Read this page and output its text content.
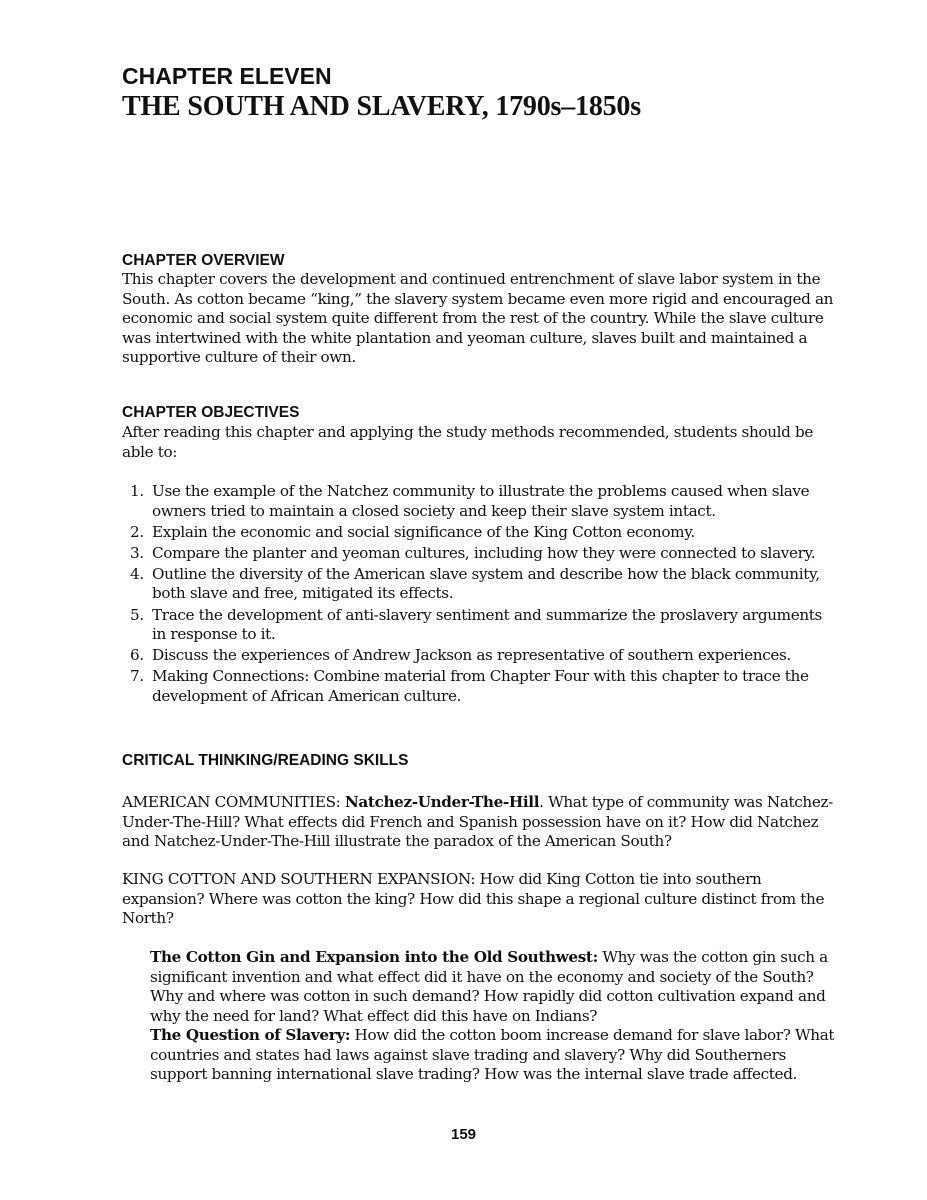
CHAPTER ELEVEN
THE SOUTH AND SLAVERY, 1790s–1850s
CHAPTER OVERVIEW

This chapter covers the development and continued entrenchment of slave labor system in the South. As cotton became “king,” the slavery system became even more rigid and encouraged an economic and social system quite different from the rest of the country. While the slave culture was intertwined with the white plantation and yeoman culture, slaves built and maintained a supportive culture of their own.

CHAPTER OBJECTIVES

After reading this chapter and applying the study methods recommended, students should be able to:

1. Use the example of the Natchez community to illustrate the problems caused when slave owners tried to maintain a closed society and keep their slave system intact.
2. Explain the economic and social significance of the King Cotton economy.
3. Compare the planter and yeoman cultures, including how they were connected to slavery.
4. Outline the diversity of the American slave system and describe how the black community, both slave and free, mitigated its effects.
5. Trace the development of anti-slavery sentiment and summarize the proslavery arguments in response to it.
6. Discuss the experiences of Andrew Jackson as representative of southern experiences.
7. Making Connections: Combine material from Chapter Four with this chapter to trace the development of African American culture.
CRITICAL THINKING/READING SKILLS

AMERICAN COMMUNITIES: Natchez-Under-The-Hill. What type of community was Natchez-Under-The-Hill? What effects did French and Spanish possession have on it? How did Natchez and Natchez-Under-The-Hill illustrate the paradox of the American South?

KING COTTON AND SOUTHERN EXPANSION: How did King Cotton tie into southern expansion? Where was cotton the king? How did this shape a regional culture distinct from the North?

The Cotton Gin and Expansion into the Old Southwest: Why was the cotton gin such a significant invention and what effect did it have on the economy and society of the South? Why and where was cotton in such demand? How rapidly did cotton cultivation expand and why the need for land? What effect did this have on Indians?

The Question of Slavery: How did the cotton boom increase demand for slave labor? What countries and states had laws against slave trading and slavery? Why did Southerners support banning international slave trading? How was the internal slave trade affected.

159
